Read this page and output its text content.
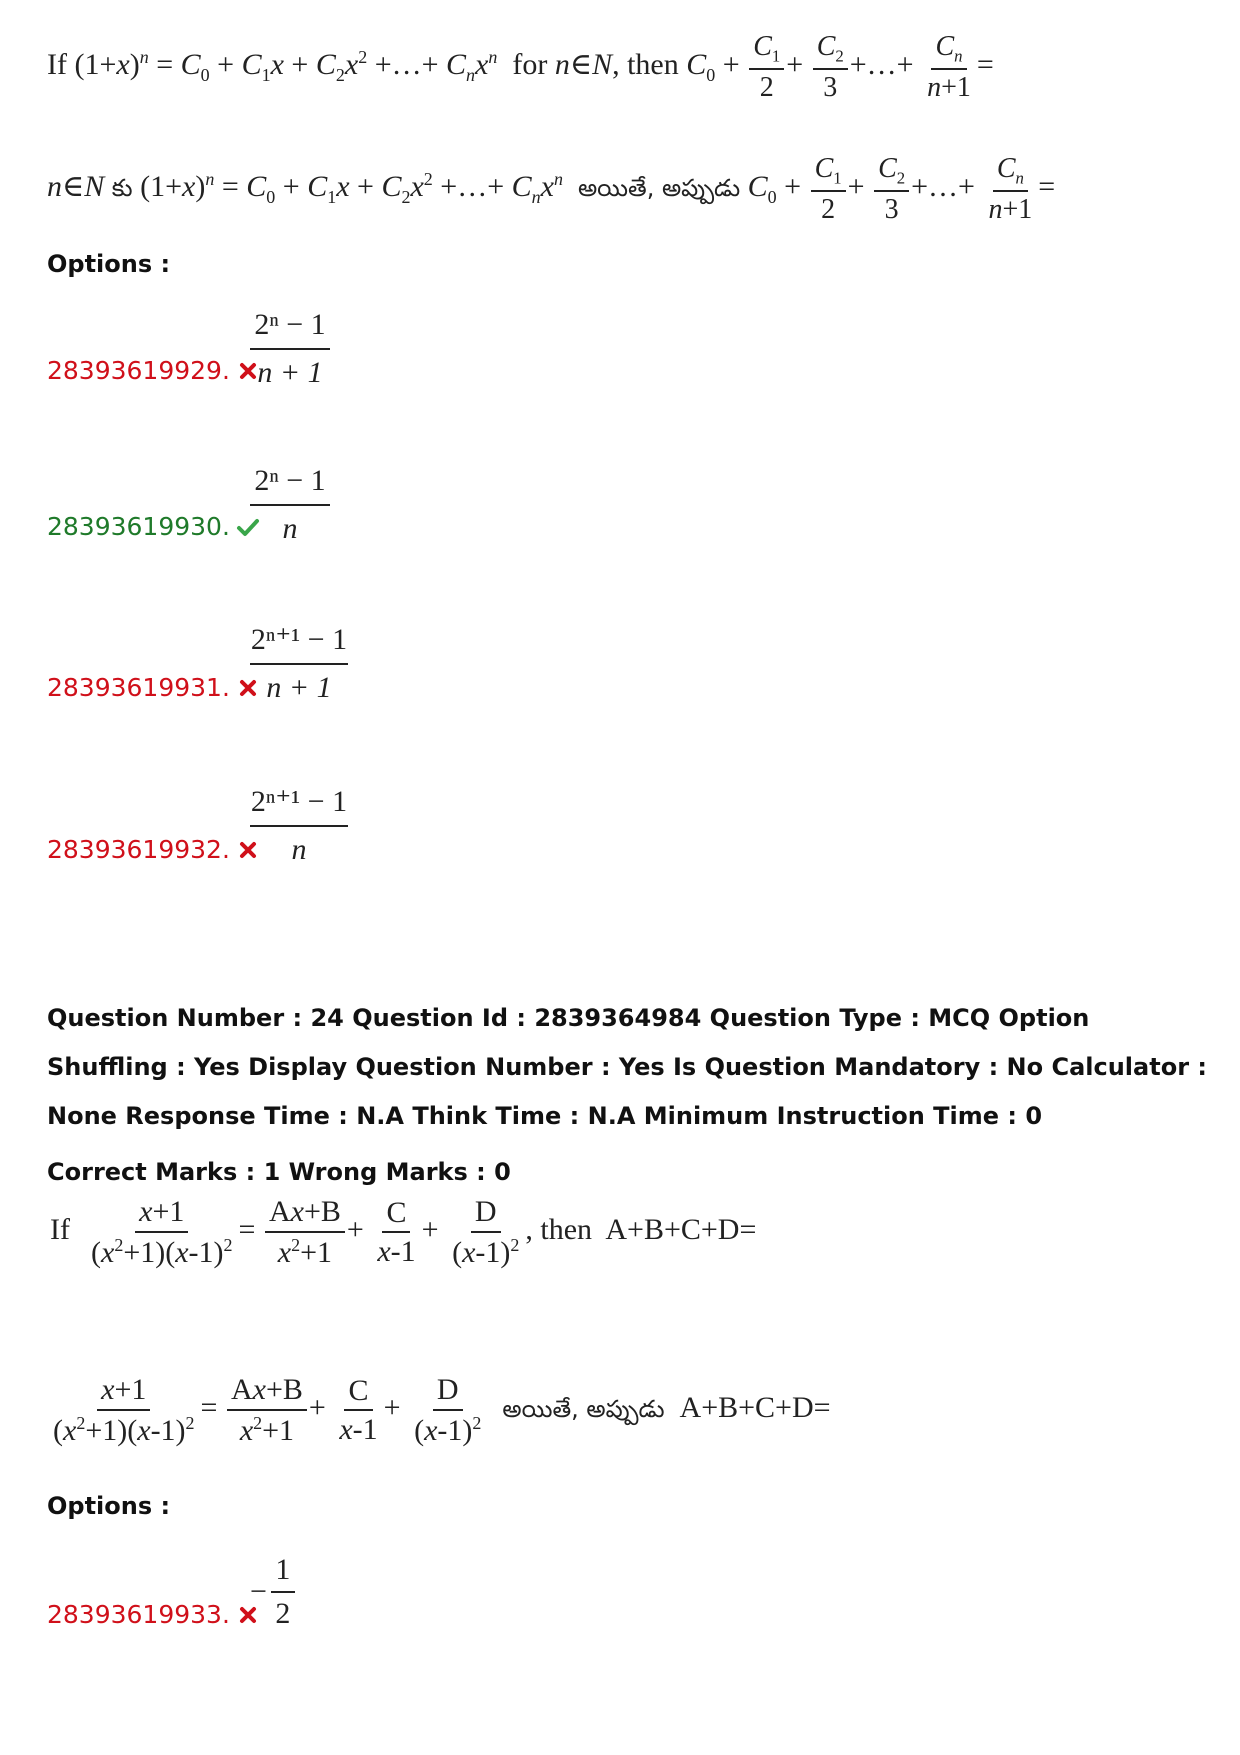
If $(1+x)^n = C_0 + C_1x + C_2x^2$ +…+ $C_nx^n$  for n∈N, then $C_0 + \frac{C_1}{2} + \frac{C_2}{3}$ +…+ $\frac{C_n}{n+1}$ =
n∈N కు $(1+x)^n = C_0 + C_1x + C_2x^2$ +…+ $C_nx^n$ అయితే, అప్పుడు $C_0 + \frac{C_1}{2} + \frac{C_2}{3}$ +…+ $\frac{C_n}{n+1}$ =
Options :
28393619929.
2ⁿ − 1
n + 1
28393619930.
2ⁿ − 1
n
28393619931.
2ⁿ⁺¹ − 1
n + 1
28393619932.
2ⁿ⁺¹ − 1
n
Question Number : 24 Question Id : 2839364984 Question Type : MCQ Option Shuffling : Yes Display Question Number : Yes Is Question Mandatory : No Calculator : None Response Time : N.A Think Time : N.A Minimum Instruction Time : 0
Correct Marks : 1 Wrong Marks : 0
If $\frac{x+1}{(x^2+1)(x-1)^2} = \frac{Ax+B}{x^2+1} + \frac{C}{x-1} + \frac{D}{(x-1)^2}$ , then  A+B+C+D=
$\frac{x+1}{(x^2+1)(x-1)^2} = \frac{Ax+B}{x^2+1} + \frac{C}{x-1} + \frac{D}{(x-1)^2}$ అయితే, అప్పుడు  A+B+C+D=
Options :
28393619933.
−
1
2
